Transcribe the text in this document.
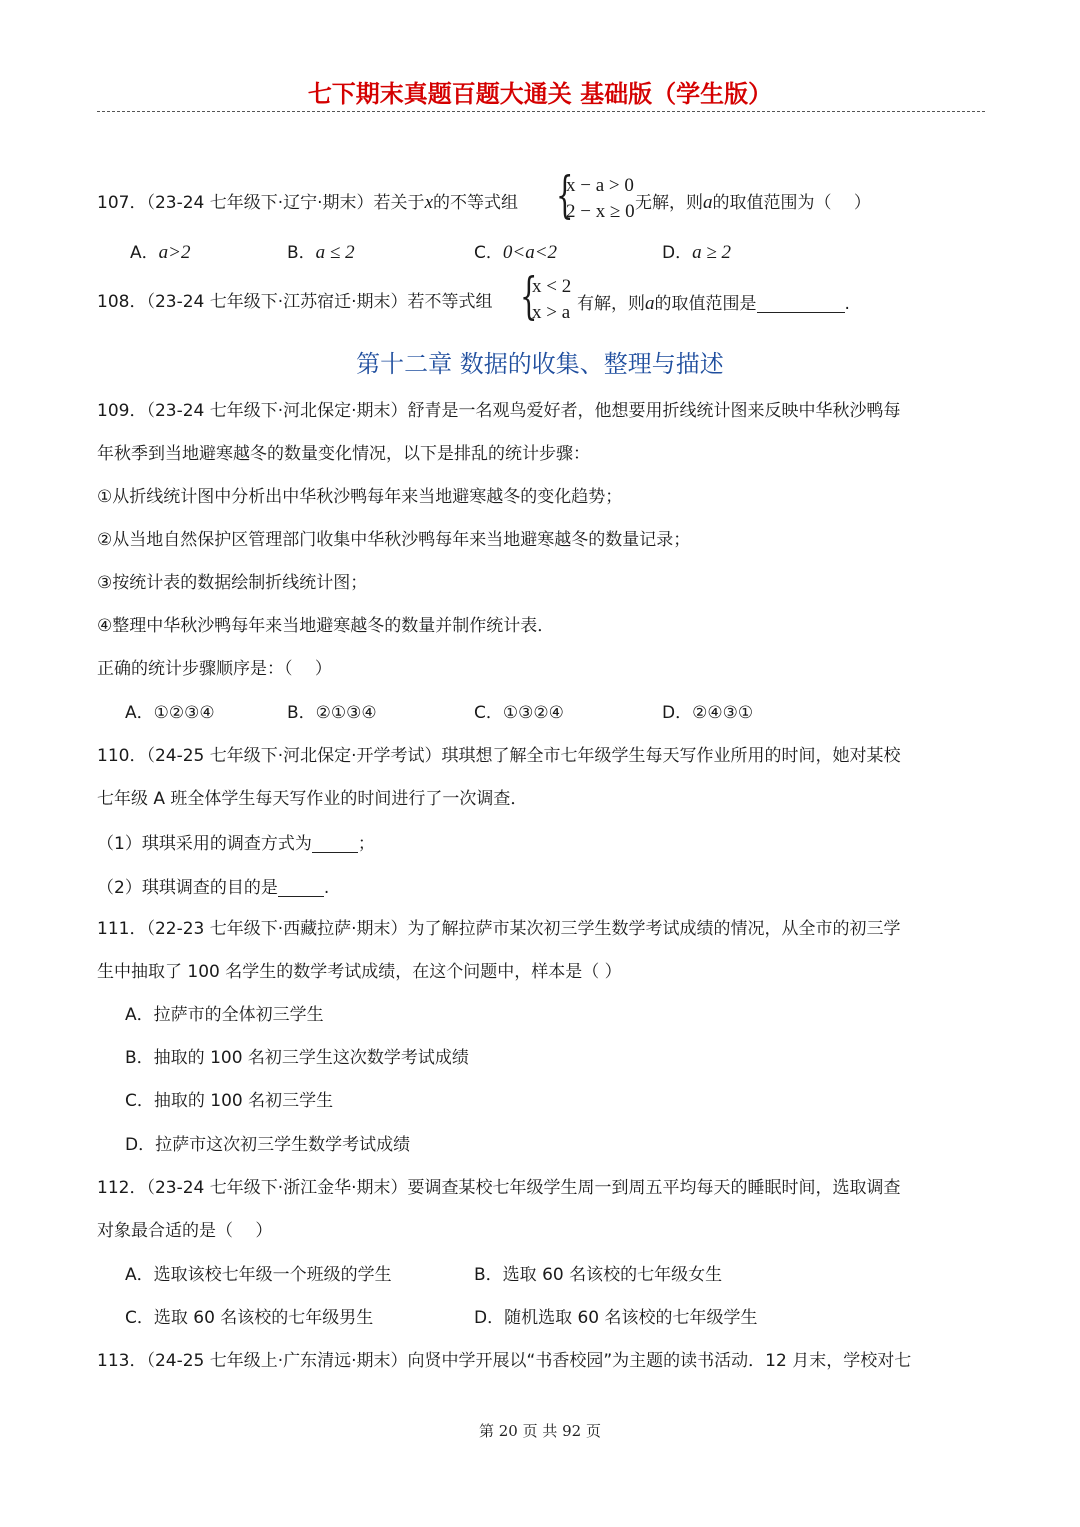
七下期末真题百题大通关 基础版（学生版）
107．（23-24 七年级下·辽宁·期末）若关于x的不等式组 {
x − a > 0
2 − x ≥ 0 无解，则a的取值范围为（　 ）
A．a>2	B．a ≤ 2	C．0<a<2	D．a ≥ 2
108．（23-24 七年级下·江苏宿迁·期末）若不等式组 {
x < 2
x > a 有解，则a的取值范围是	.
第十二章 数据的收集、整理与描述
109．（23-24 七年级下·河北保定·期末）舒青是一名观鸟爱好者，他想要用折线统计图来反映中华秋沙鸭每
年秋季到当地避寒越冬的数量变化情况，以下是排乱的统计步骤：
①从折线统计图中分析出中华秋沙鸭每年来当地避寒越冬的变化趋势；
②从当地自然保护区管理部门收集中华秋沙鸭每年来当地避寒越冬的数量记录；
③按统计表的数据绘制折线统计图；
④整理中华秋沙鸭每年来当地避寒越冬的数量并制作统计表．
正确的统计步骤顺序是：（　 ）
A．①②③④	B．②①③④	C．①③②④	D．②④③①
110．（24-25 七年级下·河北保定·开学考试）琪琪想了解全市七年级学生每天写作业所用的时间，她对某校
七年级 A 班全体学生每天写作业的时间进行了一次调查．
（1）琪琪采用的调查方式为	；
（2）琪琪调查的目的是	.
111．（22-23 七年级下·西藏拉萨·期末）为了解拉萨市某次初三学生数学考试成绩的情况，从全市的初三学
生中抽取了 100 名学生的数学考试成绩，在这个问题中，样本是（ ）
A．拉萨市的全体初三学生
B．抽取的 100 名初三学生这次数学考试成绩
C．抽取的 100 名初三学生
D．拉萨市这次初三学生数学考试成绩
112．（23-24 七年级下·浙江金华·期末）要调查某校七年级学生周一到周五平均每天的睡眠时间，选取调查
对象最合适的是（　 ）
A．选取该校七年级一个班级的学生	B．选取 60 名该校的七年级女生
C．选取 60 名该校的七年级男生	D．随机选取 60 名该校的七年级学生
113．（24-25 七年级上·广东清远·期末）向贤中学开展以“书香校园”为主题的读书活动．12 月末，学校对七
第 20 页 共 92 页
